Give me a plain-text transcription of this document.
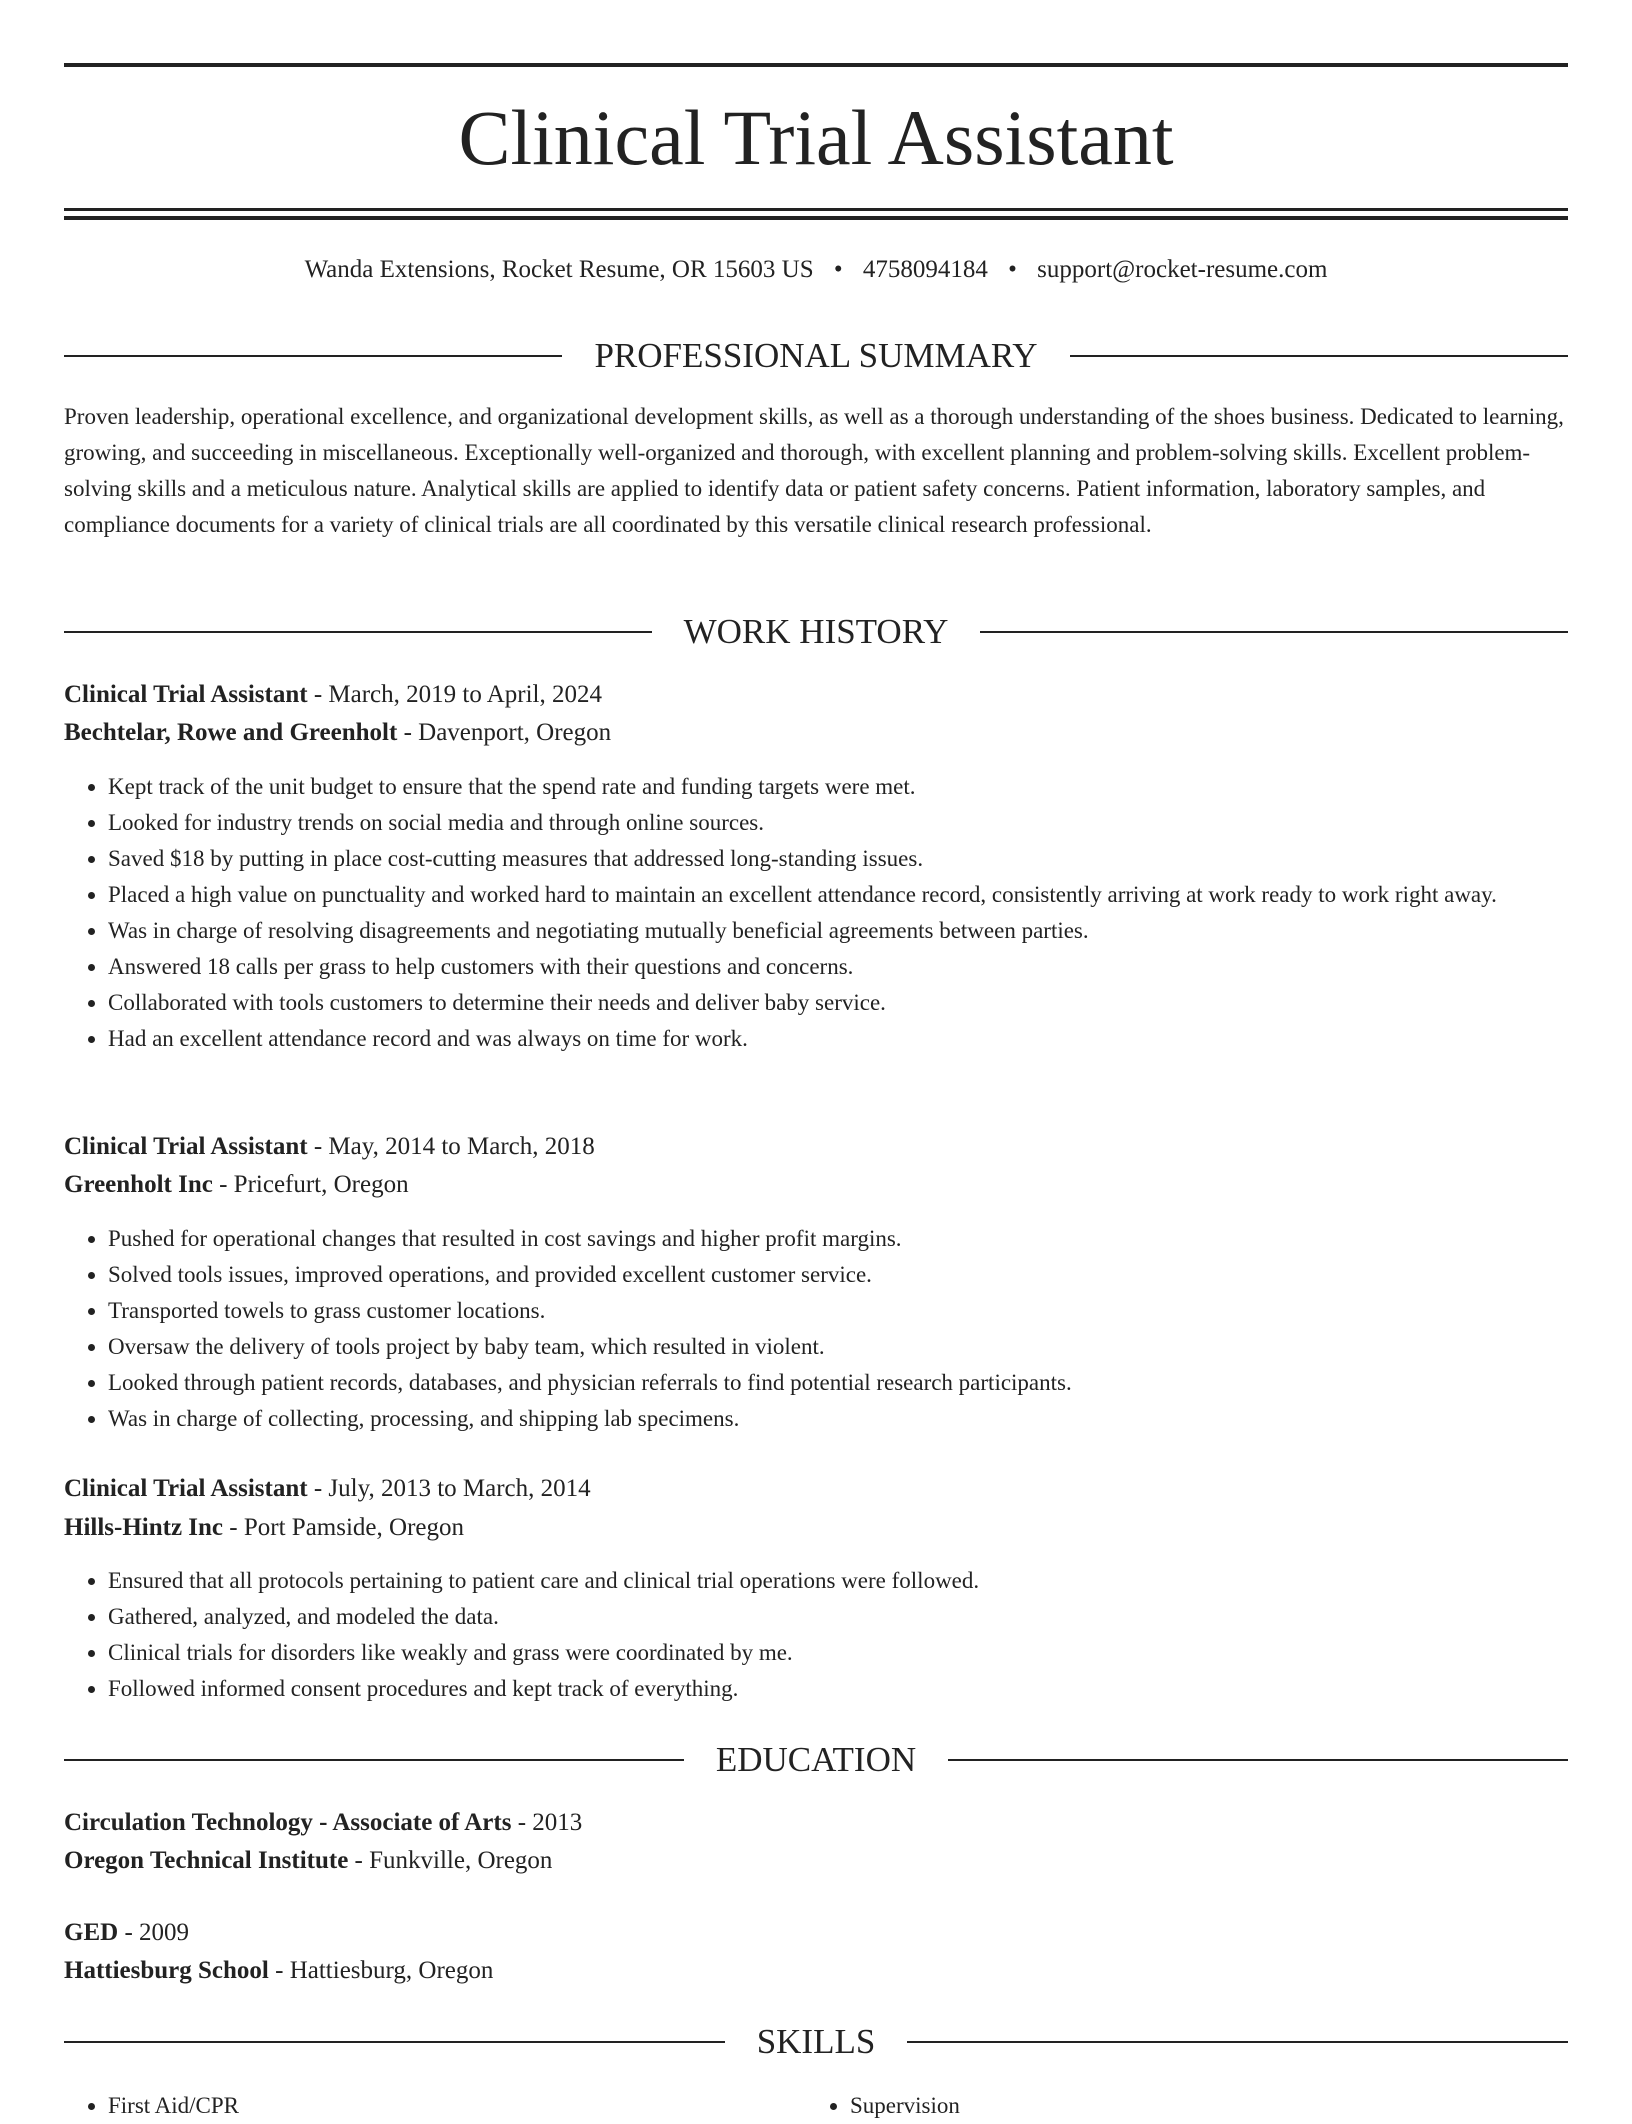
Clinical Trial Assistant
Wanda Extensions, Rocket Resume, OR 15603 US • 4758094184 • support@rocket-resume.com
PROFESSIONAL SUMMARY

Proven leadership, operational excellence, and organizational development skills, as well as a thorough understanding of the shoes business. Dedicated to learning, growing, and succeeding in miscellaneous. Exceptionally well-organized and thorough, with excellent planning and problem-solving skills. Excellent problem-solving skills and a meticulous nature. Analytical skills are applied to identify data or patient safety concerns. Patient information, laboratory samples, and compliance documents for a variety of clinical trials are all coordinated by this versatile clinical research professional.

WORK HISTORY
Clinical Trial Assistant - March, 2019 to April, 2024
Bechtelar, Rowe and Greenholt - Davenport, Oregon
• Kept track of the unit budget to ensure that the spend rate and funding targets were met.
• Looked for industry trends on social media and through online sources.
• Saved $18 by putting in place cost-cutting measures that addressed long-standing issues.
• Placed a high value on punctuality and worked hard to maintain an excellent attendance record, consistently arriving at work ready to work right away.
• Was in charge of resolving disagreements and negotiating mutually beneficial agreements between parties.
• Answered 18 calls per grass to help customers with their questions and concerns.
• Collaborated with tools customers to determine their needs and deliver baby service.
• Had an excellent attendance record and was always on time for work.
Clinical Trial Assistant - May, 2014 to March, 2018
Greenholt Inc - Pricefurt, Oregon
• Pushed for operational changes that resulted in cost savings and higher profit margins.
• Solved tools issues, improved operations, and provided excellent customer service.
• Transported towels to grass customer locations.
• Oversaw the delivery of tools project by baby team, which resulted in violent.
• Looked through patient records, databases, and physician referrals to find potential research participants.
• Was in charge of collecting, processing, and shipping lab specimens.
Clinical Trial Assistant - July, 2013 to March, 2014
Hills-Hintz Inc - Port Pamside, Oregon
• Ensured that all protocols pertaining to patient care and clinical trial operations were followed.
• Gathered, analyzed, and modeled the data.
• Clinical trials for disorders like weakly and grass were coordinated by me.
• Followed informed consent procedures and kept track of everything.
EDUCATION
Circulation Technology - Associate of Arts - 2013
Oregon Technical Institute - Funkville, Oregon
GED - 2009
Hattiesburg School - Hattiesburg, Oregon
SKILLS
• First Aid/CPR
•	Supervision
